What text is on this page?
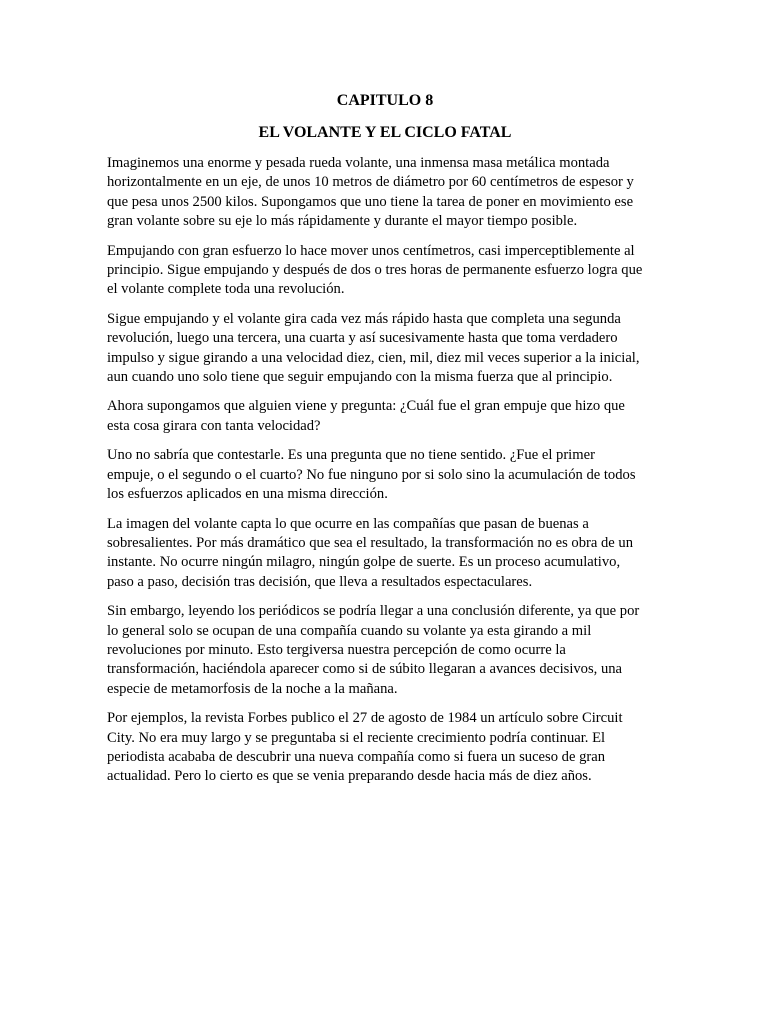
CAPITULO 8
EL VOLANTE Y EL CICLO FATAL

Imaginemos una enorme y pesada rueda volante, una inmensa masa metálica montada
horizontalmente en un eje, de unos 10 metros de diámetro por 60 centímetros de espesor y
que pesa unos 2500 kilos. Supongamos que uno tiene la tarea de poner en movimiento ese
gran volante sobre su eje lo más rápidamente y durante el mayor tiempo posible.

Empujando con gran esfuerzo lo hace mover unos centímetros, casi imperceptiblemente al
principio. Sigue empujando y después de dos o tres horas de permanente esfuerzo logra que
el volante complete toda una revolución.

Sigue empujando y el volante gira cada vez más rápido hasta que completa una segunda
revolución, luego una tercera, una cuarta y así sucesivamente hasta que toma verdadero
impulso y sigue girando a una velocidad diez, cien, mil, diez mil veces superior a la inicial,
aun cuando uno solo tiene que seguir empujando con la misma fuerza que al principio.

Ahora supongamos que alguien viene y pregunta: ¿Cuál fue el gran empuje que hizo que
esta cosa girara con tanta velocidad?

Uno no sabría que contestarle. Es una pregunta que no tiene sentido. ¿Fue el primer
empuje, o el segundo o el cuarto? No fue ninguno por si solo sino la acumulación de todos
los esfuerzos aplicados en una misma dirección.

La imagen del volante capta lo que ocurre en las compañías que pasan de buenas a
sobresalientes. Por más dramático que sea el resultado, la transformación no es obra de un
instante. No ocurre ningún milagro, ningún golpe de suerte. Es un proceso acumulativo,
paso a paso, decisión tras decisión, que lleva a resultados espectaculares.

Sin embargo, leyendo los periódicos se podría llegar a una conclusión diferente, ya que por
lo general solo se ocupan de una compañía cuando su volante ya esta girando a mil
revoluciones por minuto. Esto tergiversa nuestra percepción de como ocurre la
transformación, haciéndola aparecer como si de súbito llegaran a avances decisivos, una
especie de metamorfosis de la noche a la mañana.

Por ejemplos, la revista Forbes publico el 27 de agosto de 1984 un artículo sobre Circuit
City. No era muy largo y se preguntaba si el reciente crecimiento podría continuar. El
periodista acababa de descubrir una nueva compañía como si fuera un suceso de gran
actualidad. Pero lo cierto es que se venia preparando desde hacia más de diez años.
